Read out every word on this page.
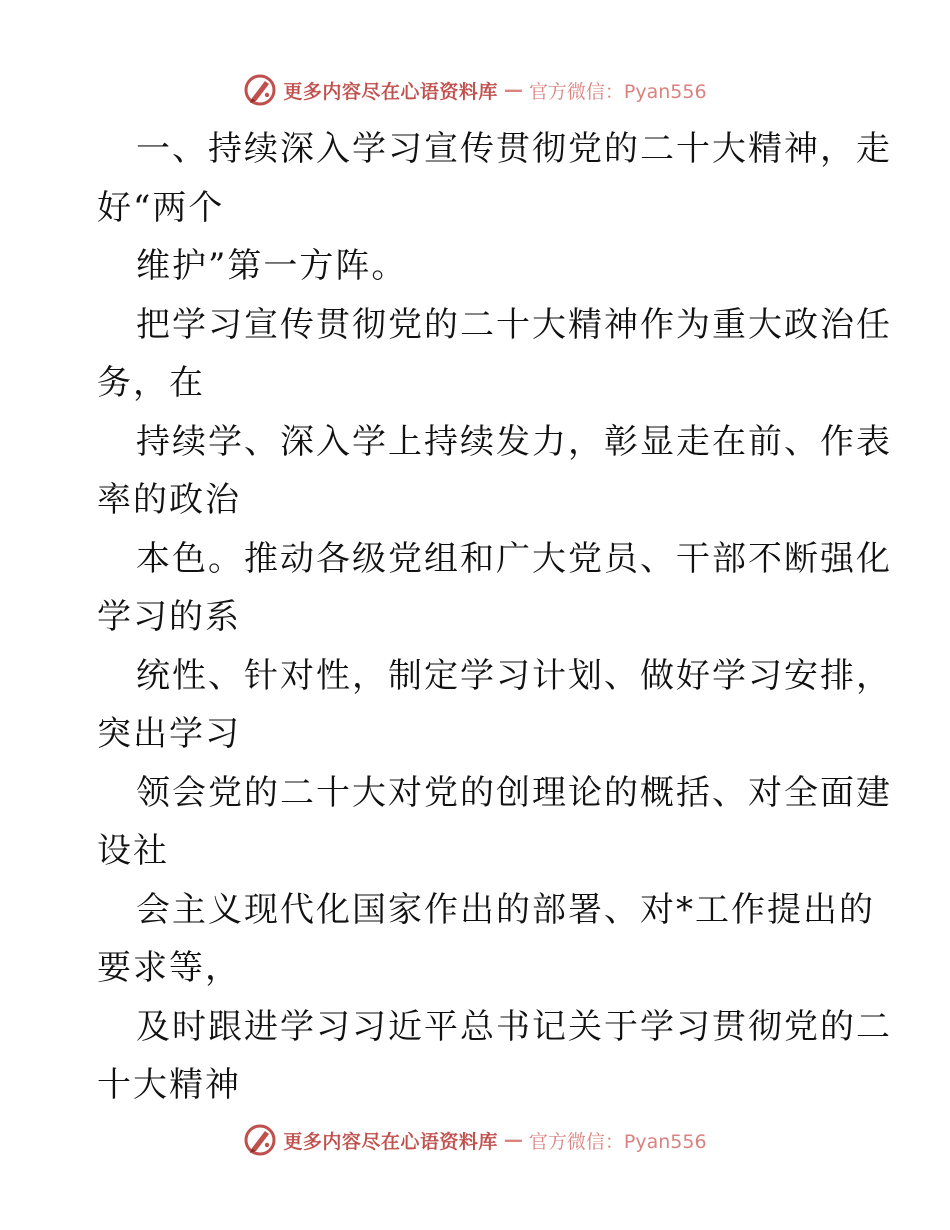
更多内容尽在心语资料库 — 官方微信：Pyan556
一、持续深入学习宣传贯彻党的二十大精神，走
好“两个
维护”第一方阵。
把学习宣传贯彻党的二十大精神作为重大政治任
务，在
持续学、深入学上持续发力，彰显走在前、作表
率的政治
本色。推动各级党组和广大党员、干部不断强化
学习的系
统性、针对性，制定学习计划、做好学习安排，
突出学习
领会党的二十大对党的创理论的概括、对全面建
设社
会主义现代化国家作出的部署、对*工作提出的
要求等，
及时跟进学习习近平总书记关于学习贯彻党的二
十大精神
更多内容尽在心语资料库 — 官方微信：Pyan556
